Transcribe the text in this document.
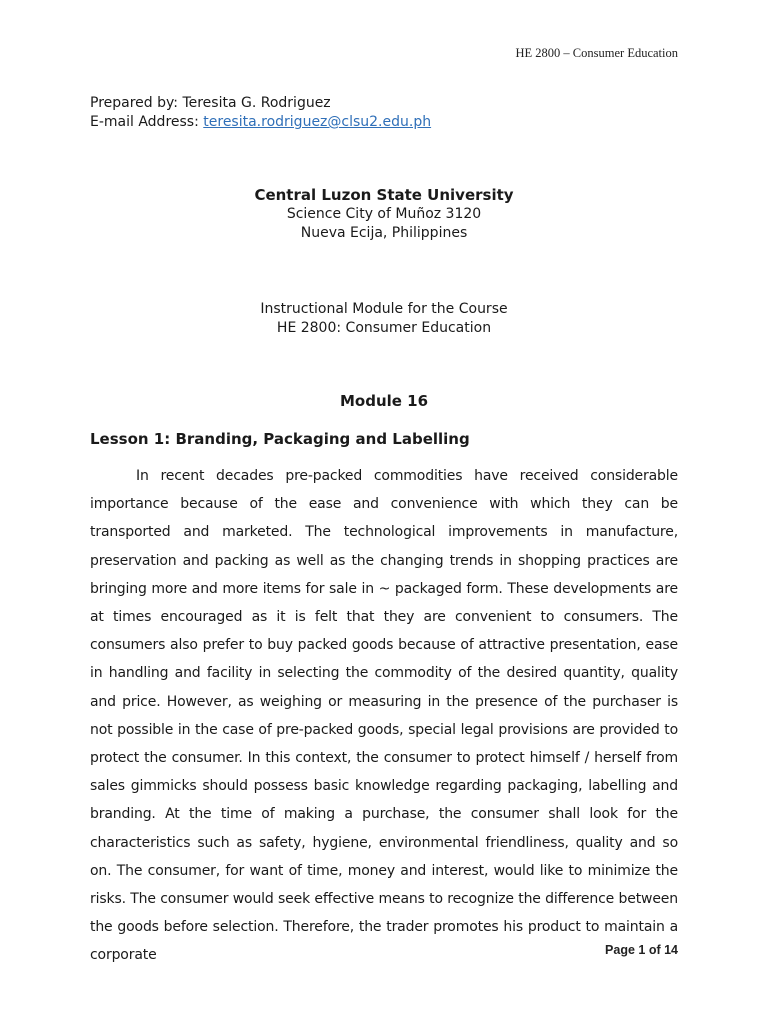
HE 2800 – Consumer Education
Prepared by: Teresita G. Rodriguez
E-mail Address: teresita.rodriguez@clsu2.edu.ph
Central Luzon State University
Science City of Muñoz 3120
Nueva Ecija, Philippines
Instructional Module for the Course
HE 2800: Consumer Education
Module 16
Lesson 1: Branding, Packaging and Labelling

In recent decades pre-packed commodities have received considerable importance because of the ease and convenience with which they can be transported and marketed. The technological improvements in manufacture, preservation and packing as well as the changing trends in shopping practices are bringing more and more items for sale in ~ packaged form. These developments are at times encouraged as it is felt that they are convenient to consumers. The consumers also prefer to buy packed goods because of attractive presentation, ease in handling and facility in selecting the commodity of the desired quantity, quality and price. However, as weighing or measuring in the presence of the purchaser is not possible in the case of pre-packed goods, special legal provisions are provided to protect the consumer. In this context, the consumer to protect himself / herself from sales gimmicks should possess basic knowledge regarding packaging, labelling and branding. At the time of making a purchase, the consumer shall look for the characteristics such as safety, hygiene, environmental friendliness, quality and so on. The consumer, for want of time, money and interest, would like to minimize the risks. The consumer would seek effective means to recognize the difference between the goods before selection. Therefore, the trader promotes his product to maintain a corporate	Page 1 of 14
